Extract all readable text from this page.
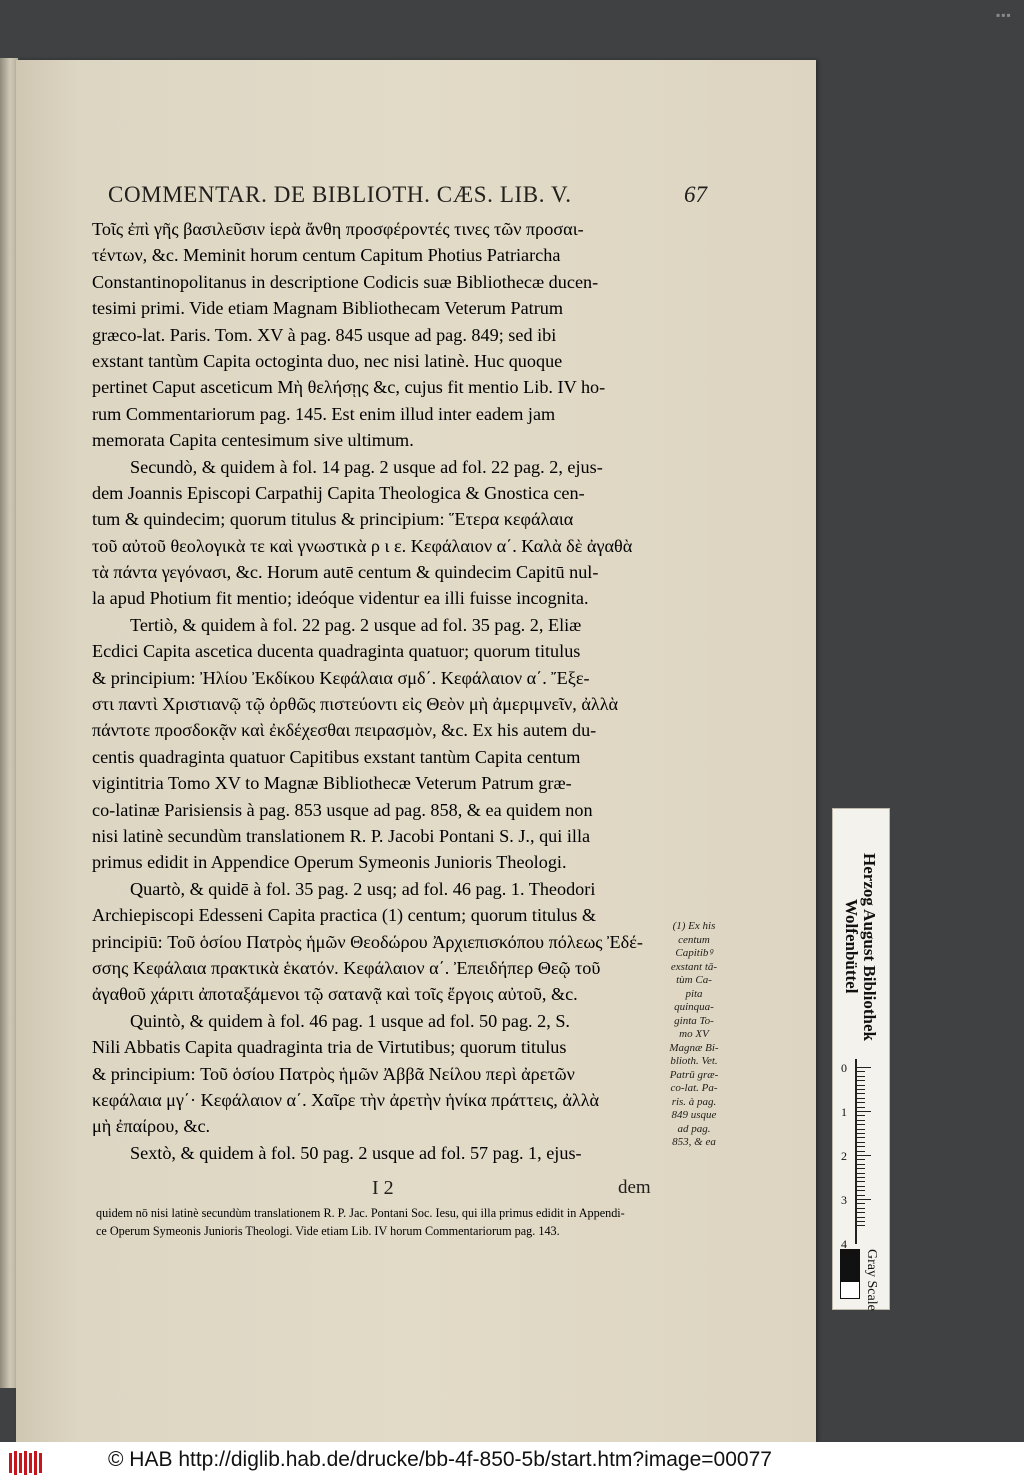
▪▪▪
COMMENTAR. DE BIBLIOTH. CÆS. LIB. V.	67
Τοῖς ἐπὶ γῆς βασιλεῦσιν ἱερὰ ἄνθη προσφέροντές τινες τῶν προσαι-
τέντων, &c. Meminit horum centum Capitum Photius Patriarcha
Constantinopolitanus in descriptione Codicis suæ Bibliothecæ ducen-
tesimi primi. Vide etiam Magnam Bibliothecam Veterum Patrum
græco-lat. Paris. Tom. XV à pag. 845 usque ad pag. 849; sed ibi
exstant tantùm Capita octoginta duo, nec nisi latinè. Huc quoque
pertinet Caput asceticum Μὴ θελήσῃς &c, cujus fit mentio Lib. IV ho-
rum Commentariorum pag. 145. Est enim illud inter eadem jam
memorata Capita centesimum sive ultimum.
Secundò, & quidem à fol. 14 pag. 2 usque ad fol. 22 pag. 2, ejus-
dem Joannis Episcopi Carpathij Capita Theologica & Gnostica cen-
tum & quindecim; quorum titulus & principium: Ἕτερα κεφάλαια
τοῦ αὐτοῦ θεολογικὰ τε καὶ γνωστικὰ ρ ι ε. Κεφάλαιον α΄. Καλὰ δὲ ἀγαθὰ
τὰ πάντα γεγόνασι, &c. Horum autē centum & quindecim Capitū nul-
la apud Photium fit mentio; ideóque videntur ea illi fuisse incognita.
Tertiò, & quidem à fol. 22 pag. 2 usque ad fol. 35 pag. 2, Eliæ
Ecdici Capita ascetica ducenta quadraginta quatuor; quorum titulus
& principium: Ἠλίου Ἐκδίκου Κεφάλαια σμδ΄. Κεφάλαιον α΄. Ἔξε-
στι παντὶ Χριστιανῷ τῷ ὀρθῶς πιστεύοντι εἰς Θεὸν μὴ ἀμεριμνεῖν, ἀλλὰ
πάντοτε προσδοκᾷν καὶ ἐκδέχεσθαι πειρασμὸν, &c. Ex his autem du-
centis quadraginta quatuor Capitibus exstant tantùm Capita centum
vigintitria Tomo XV to Magnæ Bibliothecæ Veterum Patrum græ-
co-latinæ Parisiensis à pag. 853 usque ad pag. 858, & ea quidem non
nisi latinè secundùm translationem R. P. Jacobi Pontani S. J., qui illa
primus edidit in Appendice Operum Symeonis Junioris Theologi.
Quartò, & quidē à fol. 35 pag. 2 usq; ad fol. 46 pag. 1. Theodori
Archiepiscopi Edesseni Capita practica (1) centum; quorum titulus &
principiū: Τοῦ ὁσίου Πατρὸς ἡμῶν Θεοδώρου Ἀρχιεπισκόπου πόλεως Ἐδέ-
σσης Κεφάλαια πρακτικὰ ἑκατόν. Κεφάλαιον α΄. Ἐπειδήπερ Θεῷ τοῦ
ἀγαθοῦ χάριτι ἀποταξάμενοι τῷ σατανᾷ καὶ τοῖς ἔργοις αὐτοῦ, &c.
Quintò, & quidem à fol. 46 pag. 1 usque ad fol. 50 pag. 2, S.
Nili Abbatis Capita quadraginta tria de Virtutibus; quorum titulus
& principium: Τοῦ ὁσίου Πατρὸς ἡμῶν Ἀββᾶ Νείλου περὶ ἀρετῶν
κεφάλαια μγ΄· Κεφάλαιον α΄. Χαῖρε τὴν ἀρετὴν ἡνίκα πράττεις, ἀλλὰ
μὴ ἐπαίρου, &c.
Sextò, & quidem à fol. 50 pag. 2 usque ad fol. 57 pag. 1, ejus-
(1) Ex his
centum
Capitibꝰ
exstant tā-
tùm Ca-
pita
quinqua-
ginta To-
mo XV
Magnæ Bi-
blioth. Vet.
Patrū græ-
co-lat. Pa-
ris. à pag.
849 usque
ad pag.
853, & ea
I 2	dem
quidem nō nisi latinè secundùm translationem R. P. Jac. Pontani Soc. Iesu, qui illa primus edidit in Appendi-
ce Operum Symeonis Junioris Theologi. Vide etiam Lib. IV horum Commentariorum pag. 143.
Herzog August Bibliothek
Wolfenbüttel
Gray Scale
0
1
2
3
4
© HAB http://diglib.hab.de/drucke/bb-4f-850-5b/start.htm?image=00077
